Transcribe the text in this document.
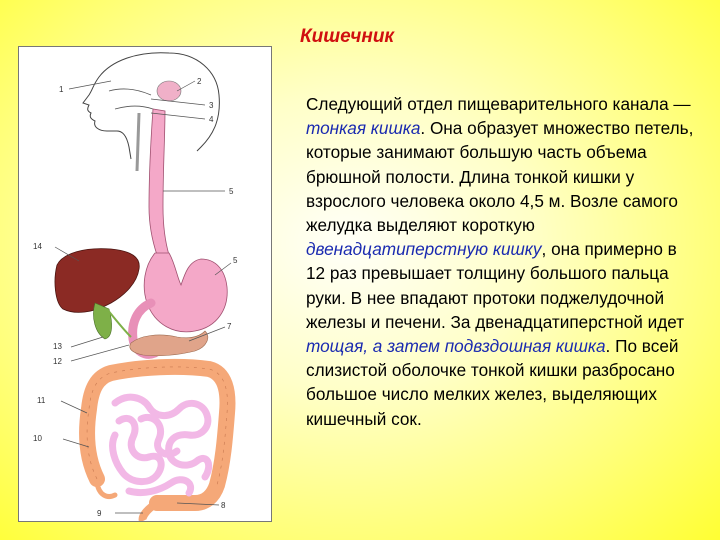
Кишечник
1
2
3
4
5
14
5
7
13
12
11
10
8
9
Следующий отдел пищеварительного канала — тонкая кишка. Она образует множество петель, которые занимают большую часть объема брюшной полости. Длина тонкой кишки у взрослого человека около 4,5 м. Возле самого желудка выделяют короткую двенадцатиперстную кишку, она примерно в 12 раз превышает толщину большого пальца руки. В нее впадают протоки поджелудочной железы и печени. За двенадцатиперстной идет тощая, а затем подвздошная кишка. По всей слизистой оболочке тонкой кишки разбросано большое число мелких желез, выделяющих кишечный сок.
